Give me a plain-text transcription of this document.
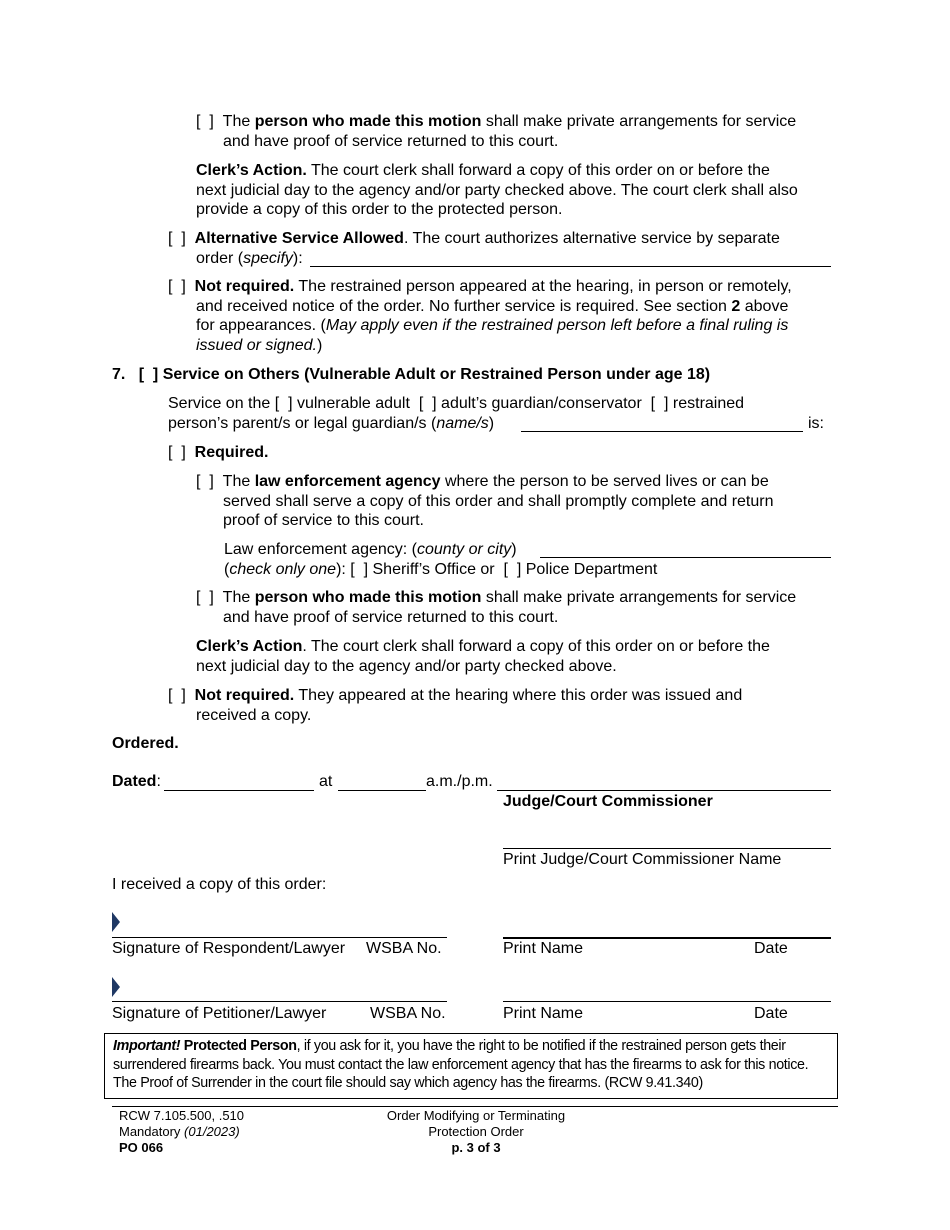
[  ] The person who made this motion shall make private arrangements for service
and have proof of service returned to this court.
Clerk’s Action. The court clerk shall forward a copy of this order on or before the
next judicial day to the agency and/or party checked above. The court clerk shall also
provide a copy of this order to the protected person.
[  ] Alternative Service Allowed. The court authorizes alternative service by separate
order (specify):
[  ] Not required. The restrained person appeared at the hearing, in person or remotely,
and received notice of the order. No further service is required. See section 2 above
for appearances. (May apply even if the restrained person left before a final ruling is
issued or signed.)
7. [  ] Service on Others (Vulnerable Adult or Restrained Person under age 18)
Service on the [  ] vulnerable adult  [  ] adult’s guardian/conservator  [  ] restrained
person’s parent/s or legal guardian/s (name/s)	is:
[  ] Required.
[  ] The law enforcement agency where the person to be served lives or can be
served shall serve a copy of this order and shall promptly complete and return
proof of service to this court.
Law enforcement agency: (county or city)
(check only one): [  ] Sheriff’s Office or  [  ] Police Department
[  ] The person who made this motion shall make private arrangements for service
and have proof of service returned to this court.
Clerk’s Action. The court clerk shall forward a copy of this order on or before the
next judicial day to the agency and/or party checked above.
[  ] Not required. They appeared at the hearing where this order was issued and
received a copy.
Ordered.
Dated:	at	a.m./p.m.
Judge/Court Commissioner
Print Judge/Court Commissioner Name
I received a copy of this order:
Signature of Respondent/Lawyer WSBA No.	Print Name	Date
Signature of Petitioner/Lawyer	WSBA No.	Print Name	Date
Important! Protected Person, if you ask for it, you have the right to be notified if the restrained person gets their surrendered firearms back. You must contact the law enforcement agency that has the firearms to ask for this notice. The Proof of Surrender in the court file should say which agency has the firearms. (RCW 9.41.340)
RCW 7.105.500, .510
Mandatory (01/2023)
PO 066
Order Modifying or Terminating
Protection Order
p. 3 of 3
